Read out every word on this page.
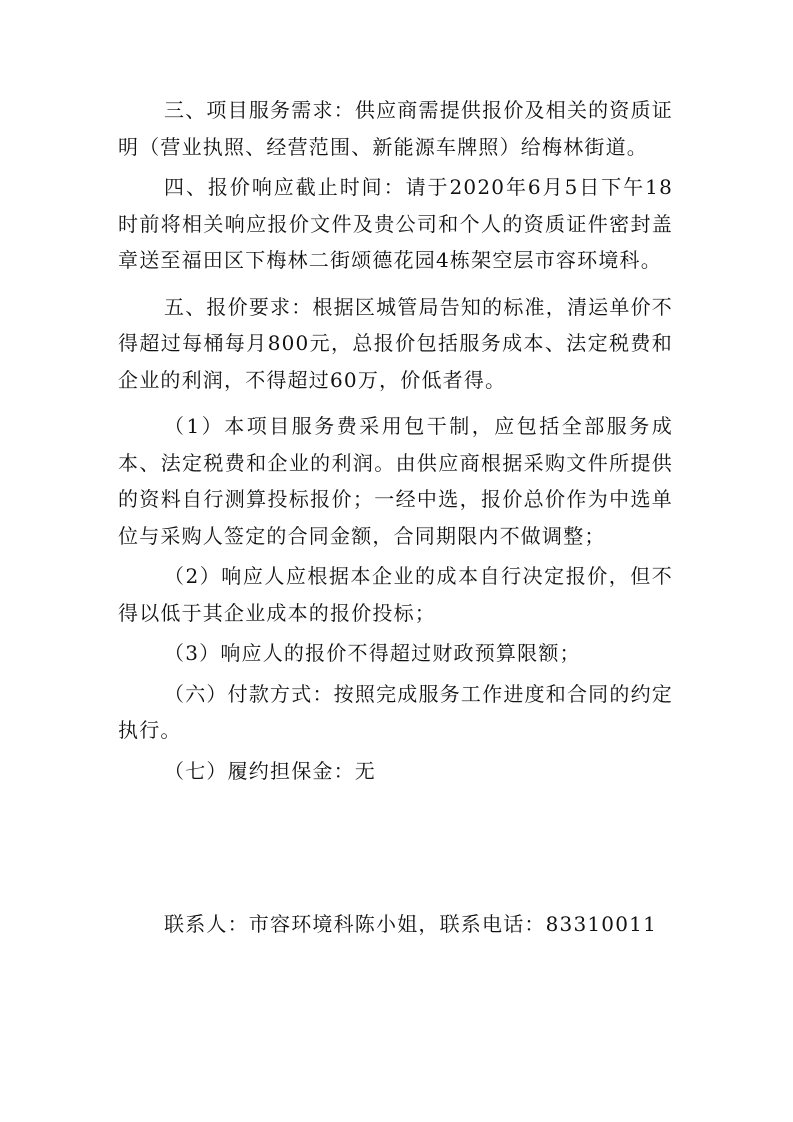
三、项目服务需求：供应商需提供报价及相关的资质证明（营业执照、经营范围、新能源车牌照）给梅林街道。

四、报价响应截止时间：请于2020年6月5日下午18时前将相关响应报价文件及贵公司和个人的资质证件密封盖章送至福田区下梅林二街颂德花园4栋架空层市容环境科。

五、报价要求：根据区城管局告知的标准，清运单价不得超过每桶每月800元，总报价包括服务成本、法定税费和企业的利润，不得超过60万，价低者得。

（1）本项目服务费采用包干制，应包括全部服务成本、法定税费和企业的利润。由供应商根据采购文件所提供的资料自行测算投标报价；一经中选，报价总价作为中选单位与采购人签定的合同金额，合同期限内不做调整；

（2）响应人应根据本企业的成本自行决定报价，但不得以低于其企业成本的报价投标；

（3）响应人的报价不得超过财政预算限额；

（六）付款方式：按照完成服务工作进度和合同的约定执行。

（七）履约担保金：无

联系人：市容环境科陈小姐，联系电话：83310011
